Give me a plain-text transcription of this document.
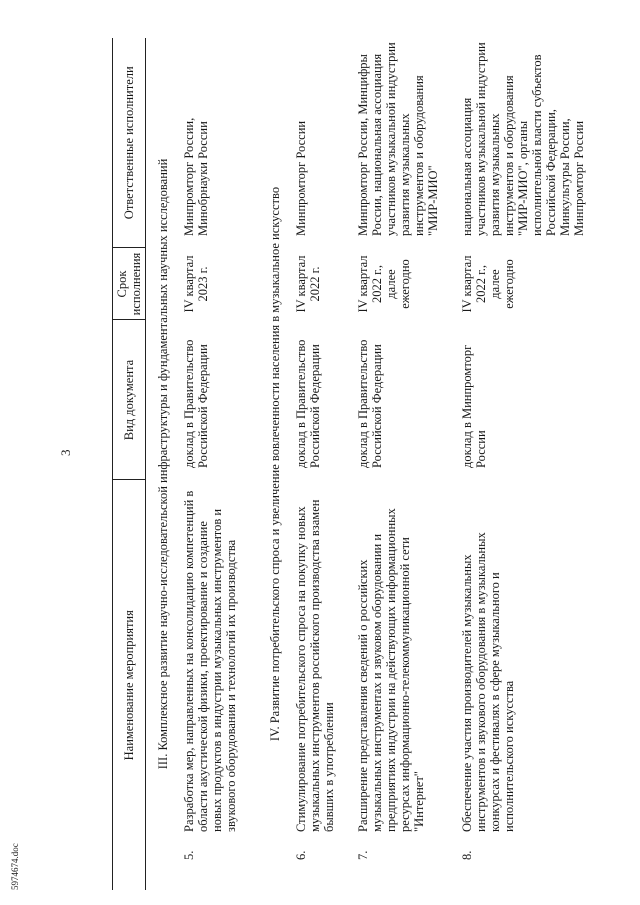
3
5974674.doc
Наименование мероприятия		Вид документа	Срок исполнения	Ответственные исполнители
III. Комплексное развитие научно-исследовательской инфраструктуры и фундаментальных научных исследований				
5.	Разработка мер, направленных на консолидацию компетенций в области акустической физики, проектирование и создание новых продуктов в индустрии музыкальных инструментов и звукового оборудования и технологий их производства	доклад в Правительство Российской Федерации	IV квартал 2023 г.	Минпромторг России, Минобрнауки России
IV. Развитие потребительского спроса и увеличение вовлеченности населения в музыкальное искусство				
6.	Стимулирование потребительского спроса на покупку новых музыкальных инструментов российского производства взамен бывших в употреблении	доклад в Правительство Российской Федерации	IV квартал 2022 г.	Минпромторг России
7.	Расширение представления сведений о российских музыкальных инструментах и звуковом оборудовании и предприятиях индустрии на действующих информационных ресурсах информационно-телекоммуникационной сети "Интернет"	доклад в Правительство Российской Федерации	IV квартал 2022 г., далее ежегодно	Минпромторг России, Минцифры России, национальная ассоциация участников музыкальной индустрии развития музыкальных инструментов и оборудования "МИР-МИО"
8.	Обеспечение участия производителей музыкальных инструментов и звукового оборудования в музыкальных конкурсах и фестивалях в сфере музыкального и исполнительского искусства	доклад в Минпромторг России	IV квартал 2022 г., далее ежегодно	национальная ассоциация участников музыкальной индустрии развития музыкальных инструментов и оборудования "МИР-МИО", органы исполнительной власти субъектов Российской Федерации, Минкультуры России, Минпромторг России
